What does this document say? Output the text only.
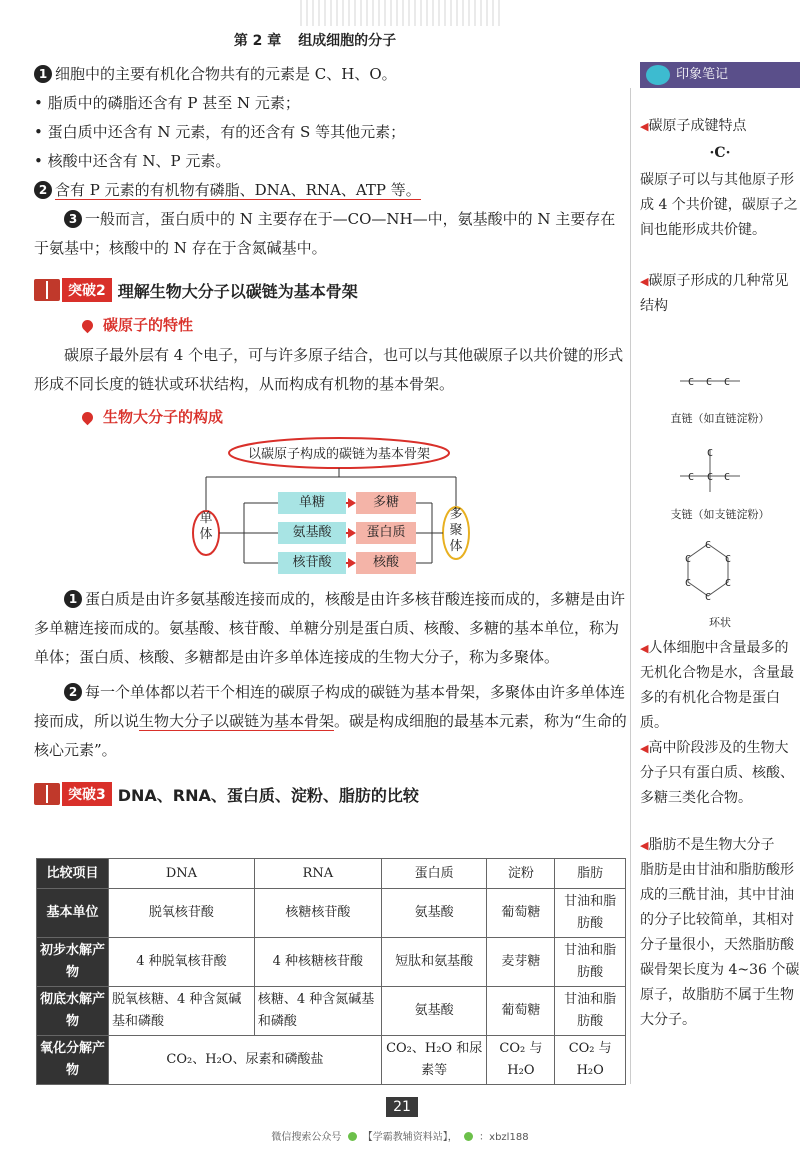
第 2 章 组成细胞的分子

1 细胞中的主要有机化合物共有的元素是 C、H、O。

• 脂质中的磷脂还含有 P 甚至 N 元素；

• 蛋白质中还含有 N 元素，有的还含有 S 等其他元素；

• 核酸中还含有 N、P 元素。

2 含有 P 元素的有机物有磷脂、DNA、RNA、ATP 等。

3 一般而言，蛋白质中的 N 主要存在于—CO—NH—中，氨基酸中的 N 主要存在于氨基中；核酸中的 N 存在于含氮碱基中。

突破2 理解生物大分子以碳链为基本骨架
碳原子的特性

碳原子最外层有 4 个电子，可与许多原子结合，也可以与其他碳原子以共价键的形式形成不同长度的链状或环状结构，从而构成有机物的基本骨架。

生物大分子的构成
以碳原子构成的碳链为基本骨架
单体
多聚体
单糖
氨基酸
核苷酸
多糖
蛋白质
核酸

1 蛋白质是由许多氨基酸连接而成的，核酸是由许多核苷酸连接而成的，多糖是由许多单糖连接而成的。氨基酸、核苷酸、单糖分别是蛋白质、核酸、多糖的基本单位，称为单体；蛋白质、核酸、多糖都是由许多单体连接成的生物大分子，称为多聚体。

2 每一个单体都以若干个相连的碳原子构成的碳链为基本骨架，多聚体由许多单体连接而成，所以说生物大分子以碳链为基本骨架。碳是构成细胞的最基本元素，称为“生命的核心元素”。

突破3 DNA、RNA、蛋白质、淀粉、脂肪的比较
比较项目	DNA	RNA	蛋白质	淀粉	脂肪
基本单位	脱氧核苷酸	核糖核苷酸	氨基酸	葡萄糖	甘油和脂肪酸
初步水解产物	4 种脱氧核苷酸	4 种核糖核苷酸	短肽和氨基酸	麦芽糖	甘油和脂肪酸
彻底水解产物	脱氧核糖、4 种含氮碱基和磷酸	核糖、4 种含氮碱基和磷酸	氨基酸	葡萄糖	甘油和脂肪酸
氧化分解产物	CO₂、H₂O、尿素和磷酸盐		CO₂、H₂O 和尿素等	CO₂ 与 H₂O	CO₂ 与 H₂O
印象笔记
◀碳原子成键特点
·C·
碳原子可以与其他原子形成 4 个共价键，碳原子之间也能形成共价键。
◀碳原子形成的几种常见结构
C C C
直链（如直链淀粉）
C
C C C
支链（如支链淀粉）
C
C
C
C
C
C
环状
◀人体细胞中含量最多的无机化合物是水，含量最多的有机化合物是蛋白质。
◀高中阶段涉及的生物大分子只有蛋白质、核酸、多糖三类化合物。
◀脂肪不是生物大分子
脂肪是由甘油和脂肪酸形成的三酰甘油，其中甘油的分子比较简单，其相对分子量很小，天然脂肪酸碳骨架长度为 4~36 个碳原子，故脂肪不属于生物大分子。
21
微信搜索公众号 【学霸教辅资料站】， ：xbzl188
